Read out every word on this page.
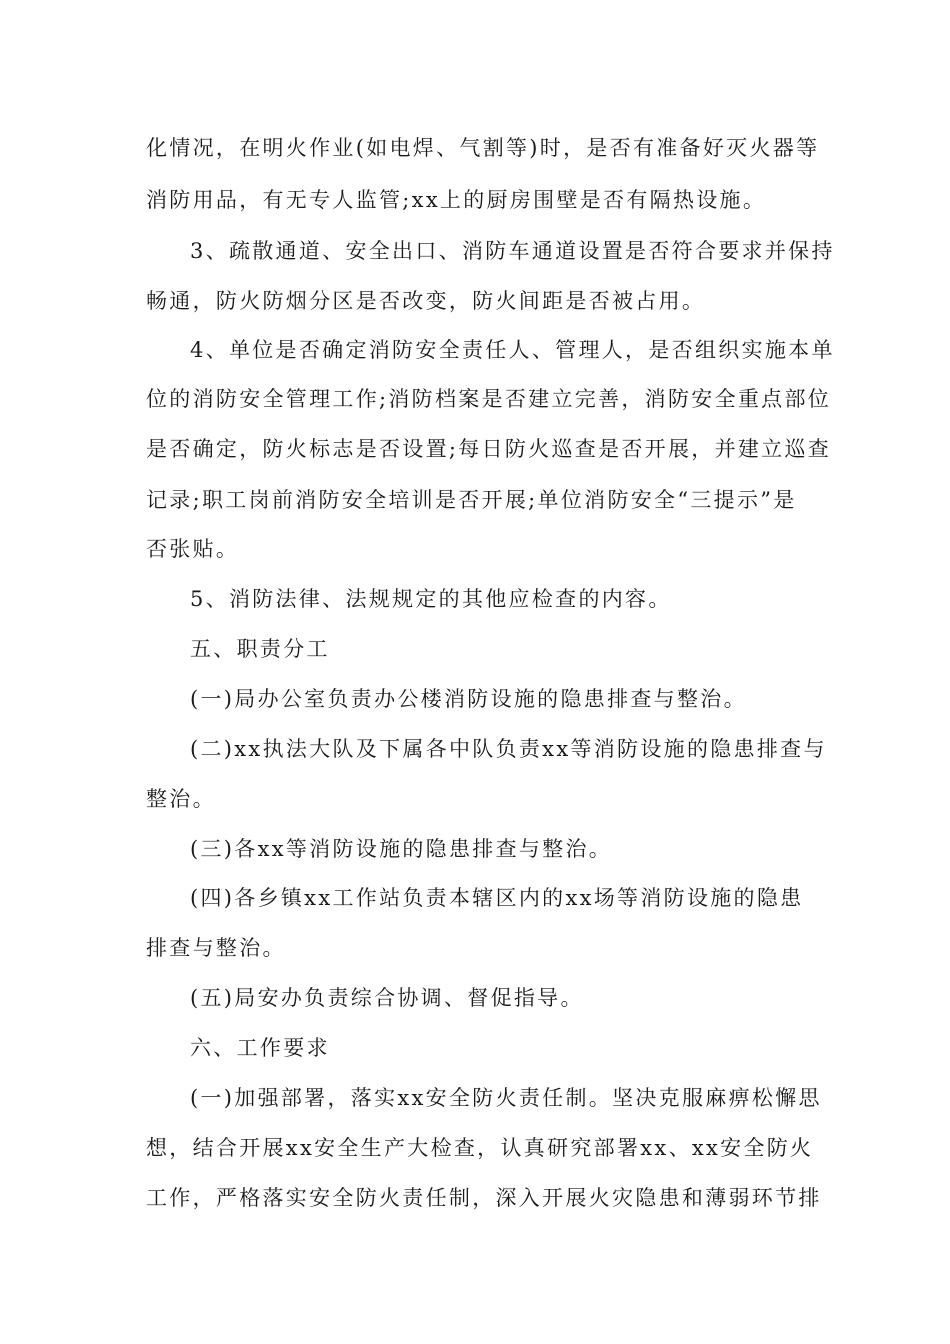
化情况，在明火作业(如电焊、气割等)时，是否有准备好灭火器等
消防用品，有无专人监管;xx上的厨房围壁是否有隔热设施。
3、疏散通道、安全出口、消防车通道设置是否符合要求并保持
畅通，防火防烟分区是否改变，防火间距是否被占用。
4、单位是否确定消防安全责任人、管理人，是否组织实施本单
位的消防安全管理工作;消防档案是否建立完善，消防安全重点部位
是否确定，防火标志是否设置;每日防火巡查是否开展，并建立巡查
记录;职工岗前消防安全培训是否开展;单位消防安全“三提示”是
否张贴。
5、消防法律、法规规定的其他应检查的内容。
五、职责分工
(一)局办公室负责办公楼消防设施的隐患排查与整治。
(二)xx执法大队及下属各中队负责xx等消防设施的隐患排查与
整治。
(三)各xx等消防设施的隐患排查与整治。
(四)各乡镇xx工作站负责本辖区内的xx场等消防设施的隐患
排查与整治。
(五)局安办负责综合协调、督促指导。
六、工作要求
(一)加强部署，落实xx安全防火责任制。坚决克服麻痹松懈思
想，结合开展xx安全生产大检查，认真研究部署xx、xx安全防火
工作，严格落实安全防火责任制，深入开展火灾隐患和薄弱环节排
